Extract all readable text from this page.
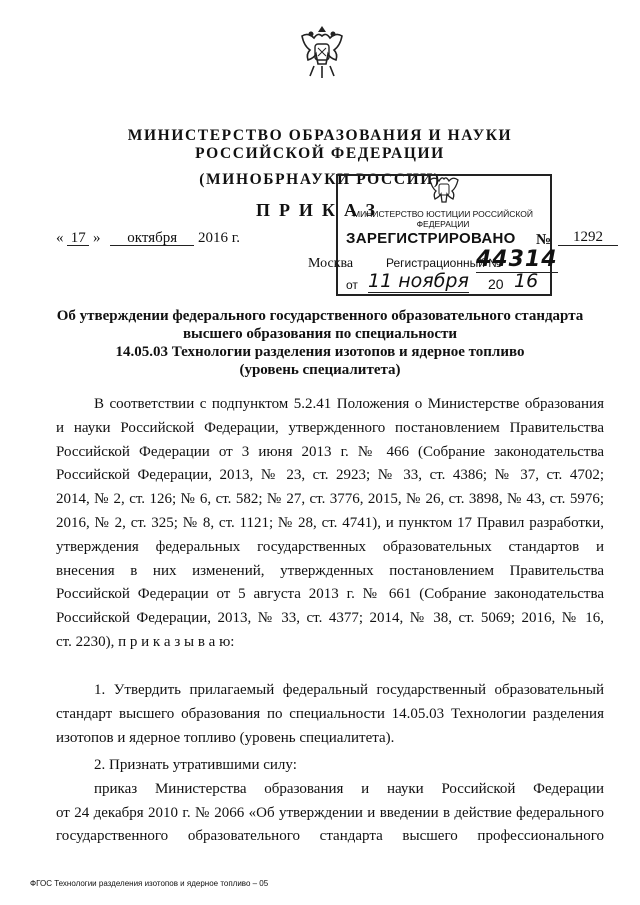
МИНИСТЕРСТВО ОБРАЗОВАНИЯ И НАУКИ
РОССИЙСКОЙ ФЕДЕРАЦИИ
(МИНОБРНАУКИ РОССИИ)
ПРИКАЗ
« 17 » октября 2016 г.
МИНИСТЕРСТВО ЮСТИЦИИ РОССИЙСКОЙ ФЕДЕРАЦИИ
ЗАРЕГИСТРИРОВАНО №	1292
Москва	Регистрационный №
44314
от 11 ноября 20 16
Об утверждении федерального государственного образовательного стандарта
высшего образования по специальности
14.05.03 Технологии разделения изотопов и ядерное топливо
(уровень специалитета)

В соответствии с подпунктом 5.2.41 Положения о Министерстве образования

и науки Российской Федерации, утвержденного постановлением Правительства

Российской Федерации от 3 июня 2013 г. № 466 (Собрание законодательства

Российской Федерации, 2013, № 23, ст. 2923; № 33, ст. 4386; № 37, ст. 4702;

2014, № 2, ст. 126; № 6, ст. 582; № 27, ст. 3776, 2015, № 26, ст. 3898, № 43, ст. 5976;

2016, № 2, ст. 325; № 8, ст. 1121; № 28, ст. 4741), и пунктом 17 Правил разработки,

утверждения федеральных государственных образовательных стандартов и

внесения в них изменений, утвержденных постановлением Правительства

Российской Федерации от 5 августа 2013 г. № 661 (Собрание законодательства

Российской Федерации, 2013, № 33, ст. 4377; 2014, № 38, ст. 5069; 2016, № 16,

ст. 2230), п р и к а з ы в а ю:

1. Утвердить прилагаемый федеральный государственный образовательный

стандарт высшего образования по специальности 14.05.03 Технологии разделения

изотопов и ядерное топливо (уровень специалитета).

2. Признать утратившими силу:

приказ Министерства образования и науки Российской Федерации

от 24 декабря 2010 г. № 2066 «Об утверждении и введении в действие федерального

государственного образовательного стандарта высшего профессионального

ФГОС Технологии разделения изотопов и ядерное топливо – 05
